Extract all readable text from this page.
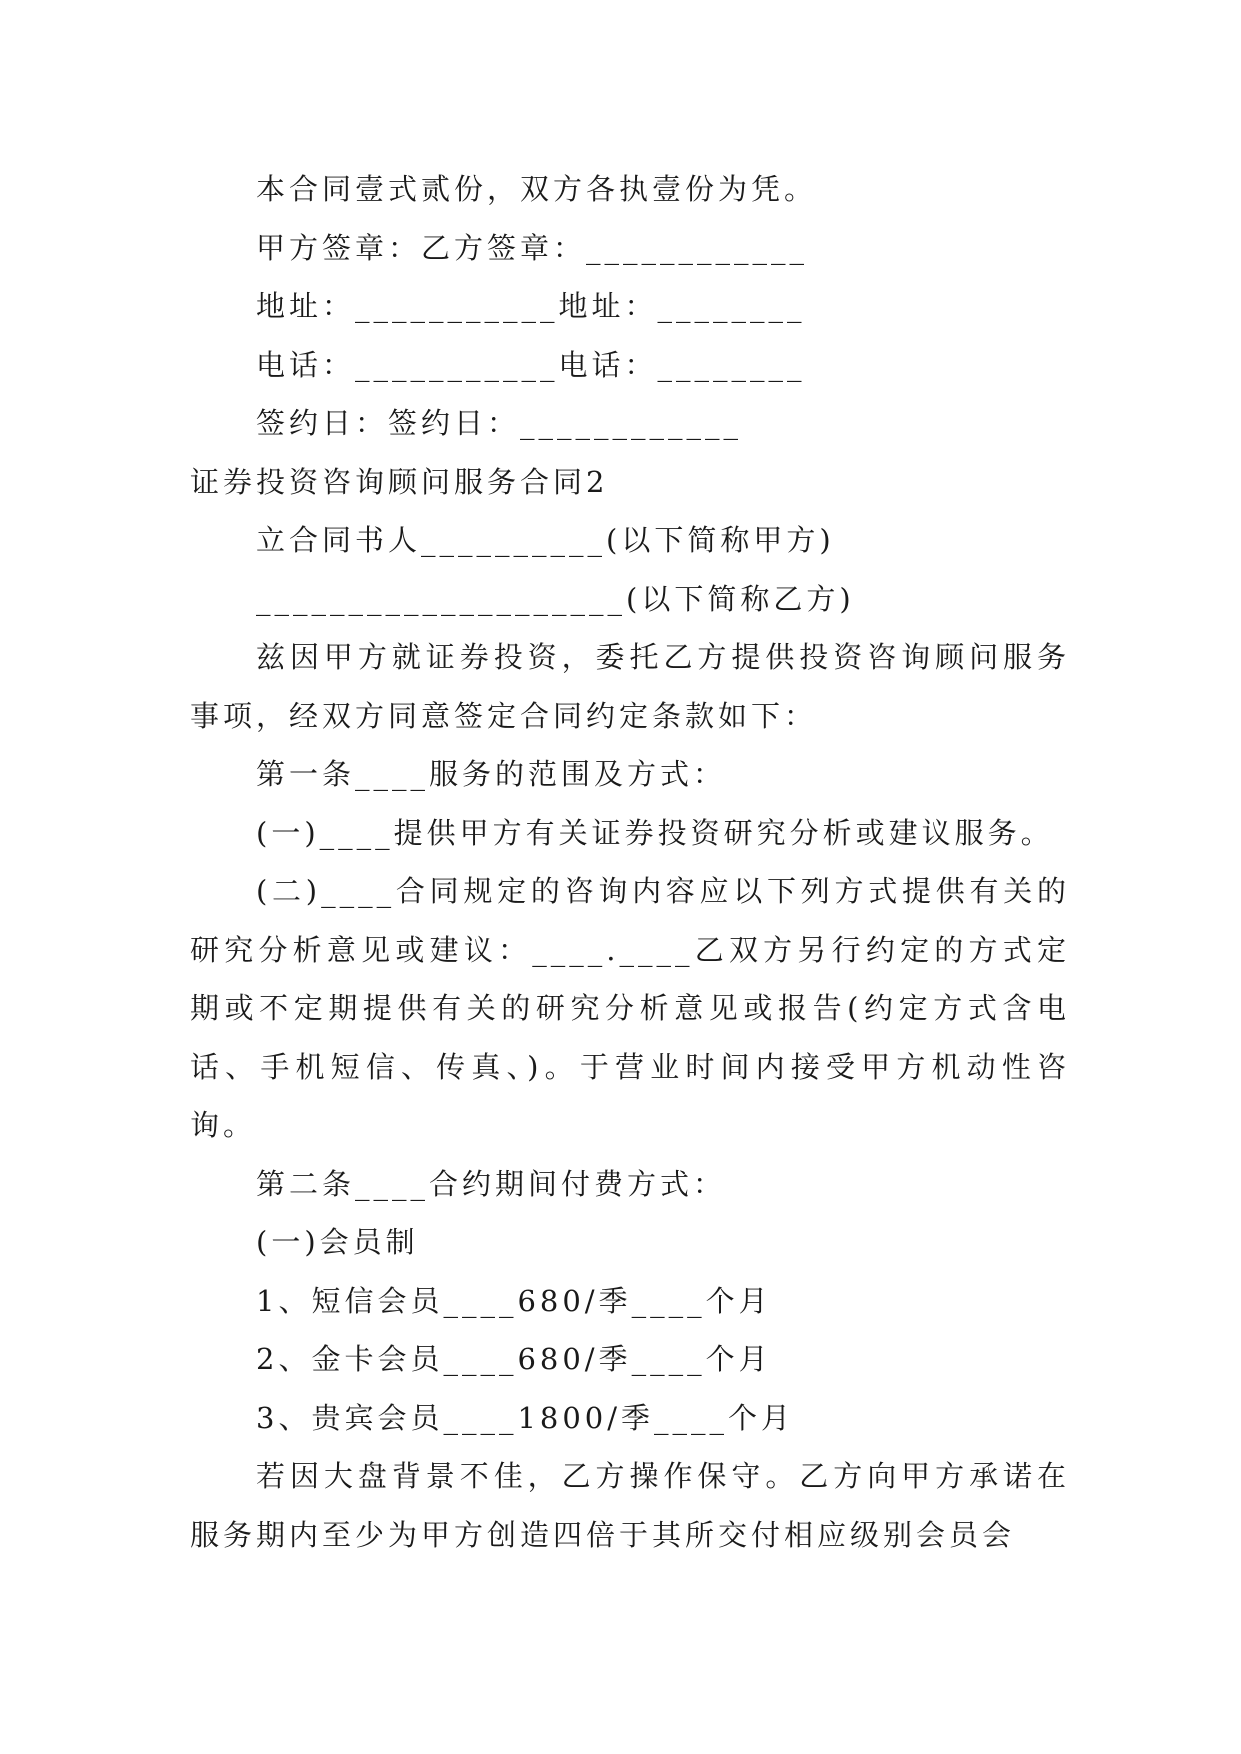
本合同壹式贰份，双方各执壹份为凭。

甲方签章：乙方签章：____________

地址：___________地址：________

电话：___________电话：________

签约日：签约日：____________

证券投资咨询顾问服务合同2

立合同书人__________(以下简称甲方)

____________________(以下简称乙方)

兹因甲方就证券投资，委托乙方提供投资咨询顾问服务事项，经双方同意签定合同约定条款如下：

第一条____服务的范围及方式：

(一)____提供甲方有关证券投资研究分析或建议服务。

(二)____合同规定的咨询内容应以下列方式提供有关的研究分析意见或建议：____.____乙双方另行约定的方式定期或不定期提供有关的研究分析意见或报告(约定方式含电话、手机短信、传真、)。于营业时间内接受甲方机动性咨询。

第二条____合约期间付费方式：

(一)会员制

1、短信会员____680/季____个月

2、金卡会员____680/季____个月

3、贵宾会员____1800/季____个月

若因大盘背景不佳，乙方操作保守。乙方向甲方承诺在服务期内至少为甲方创造四倍于其所交付相应级别会员会
